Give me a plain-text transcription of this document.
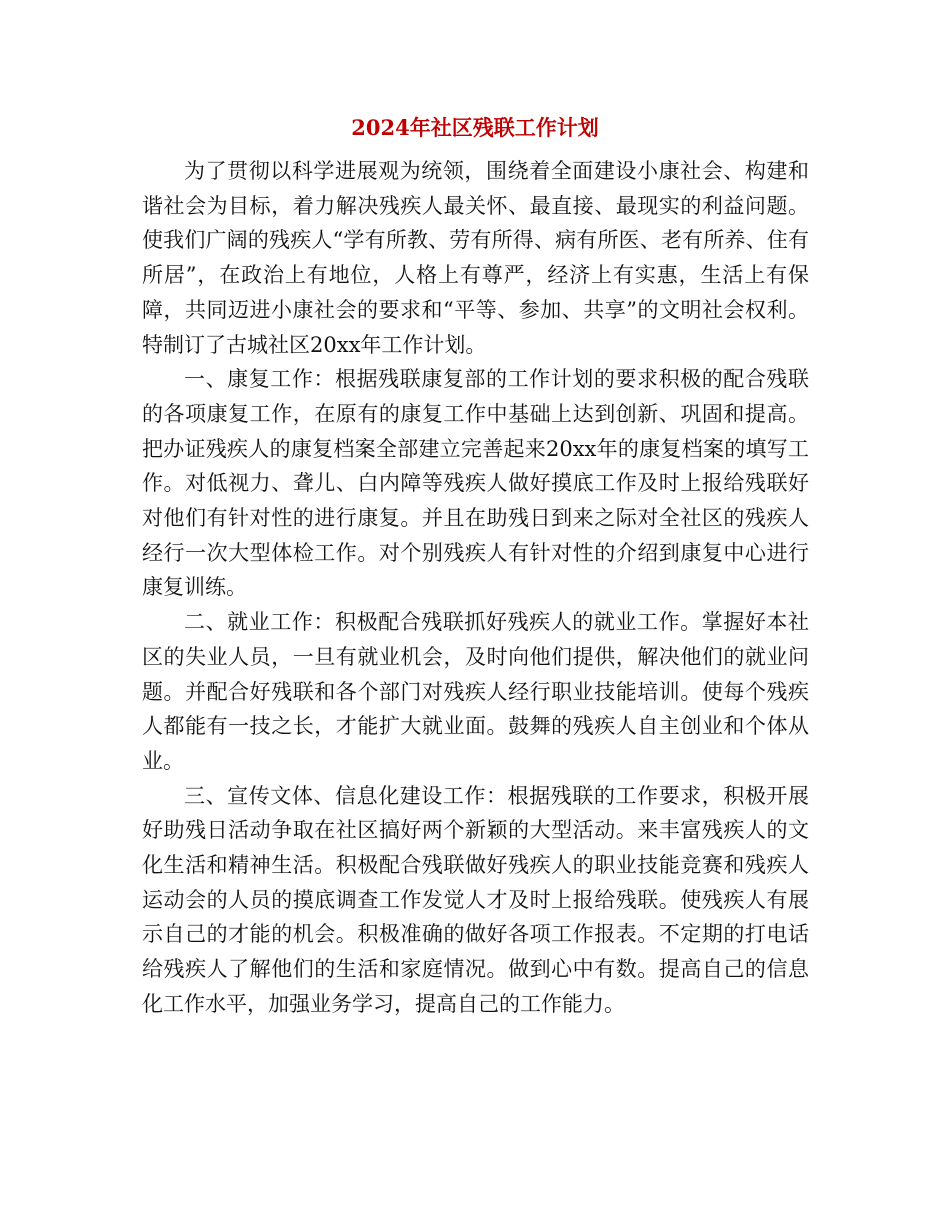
2024年社区残联工作计划

为了贯彻以科学进展观为统领，围绕着全面建设小康社会、构建和谐社会为目标，着力解决残疾人最关怀、最直接、最现实的利益问题。使我们广阔的残疾人“学有所教、劳有所得、病有所医、老有所养、住有所居”，在政治上有地位，人格上有尊严，经济上有实惠，生活上有保障，共同迈进小康社会的要求和“平等、参加、共享”的文明社会权利。特制订了古城社区20xx年工作计划。

一、康复工作：根据残联康复部的工作计划的要求积极的配合残联的各项康复工作，在原有的康复工作中基础上达到创新、巩固和提高。把办证残疾人的康复档案全部建立完善起来20xx年的康复档案的填写工作。对低视力、聋儿、白内障等残疾人做好摸底工作及时上报给残联好对他们有针对性的进行康复。并且在助残日到来之际对全社区的残疾人经行一次大型体检工作。对个别残疾人有针对性的介绍到康复中心进行康复训练。

二、就业工作：积极配合残联抓好残疾人的就业工作。掌握好本社区的失业人员，一旦有就业机会，及时向他们提供，解决他们的就业问题。并配合好残联和各个部门对残疾人经行职业技能培训。使每个残疾人都能有一技之长，才能扩大就业面。鼓舞的残疾人自主创业和个体从业。

三、宣传文体、信息化建设工作：根据残联的工作要求，积极开展好助残日活动争取在社区搞好两个新颖的大型活动。来丰富残疾人的文化生活和精神生活。积极配合残联做好残疾人的职业技能竞赛和残疾人运动会的人员的摸底调查工作发觉人才及时上报给残联。使残疾人有展示自己的才能的机会。积极准确的做好各项工作报表。不定期的打电话给残疾人了解他们的生活和家庭情况。做到心中有数。提高自己的信息化工作水平，加强业务学习，提高自己的工作能力。
